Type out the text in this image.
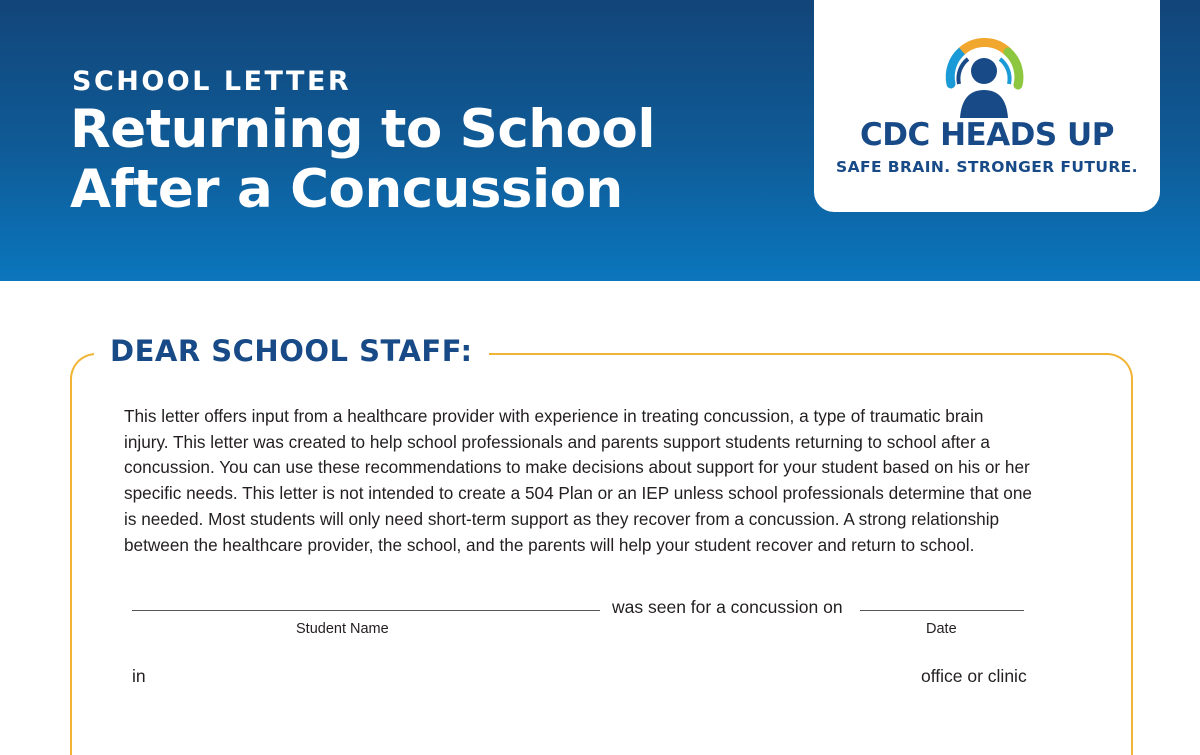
SCHOOL LETTER
Returning to School
After a Concussion
CDC HEADS UP
SAFE BRAIN. STRONGER FUTURE.
DEAR SCHOOL STAFF:
This letter offers input from a healthcare provider with experience in treating concussion, a type of traumatic brain
injury. This letter was created to help school professionals and parents support students returning to school after a
concussion. You can use these recommendations to make decisions about support for your student based on his or her
specific needs. This letter is not intended to create a 504 Plan or an IEP unless school professionals determine that one
is needed. Most students will only need short-term support as they recover from a concussion. A strong relationship
between the healthcare provider, the school, and the parents will help your student recover and return to school.
was seen for a concussion on
Student Name	Date
in	office or clinic
